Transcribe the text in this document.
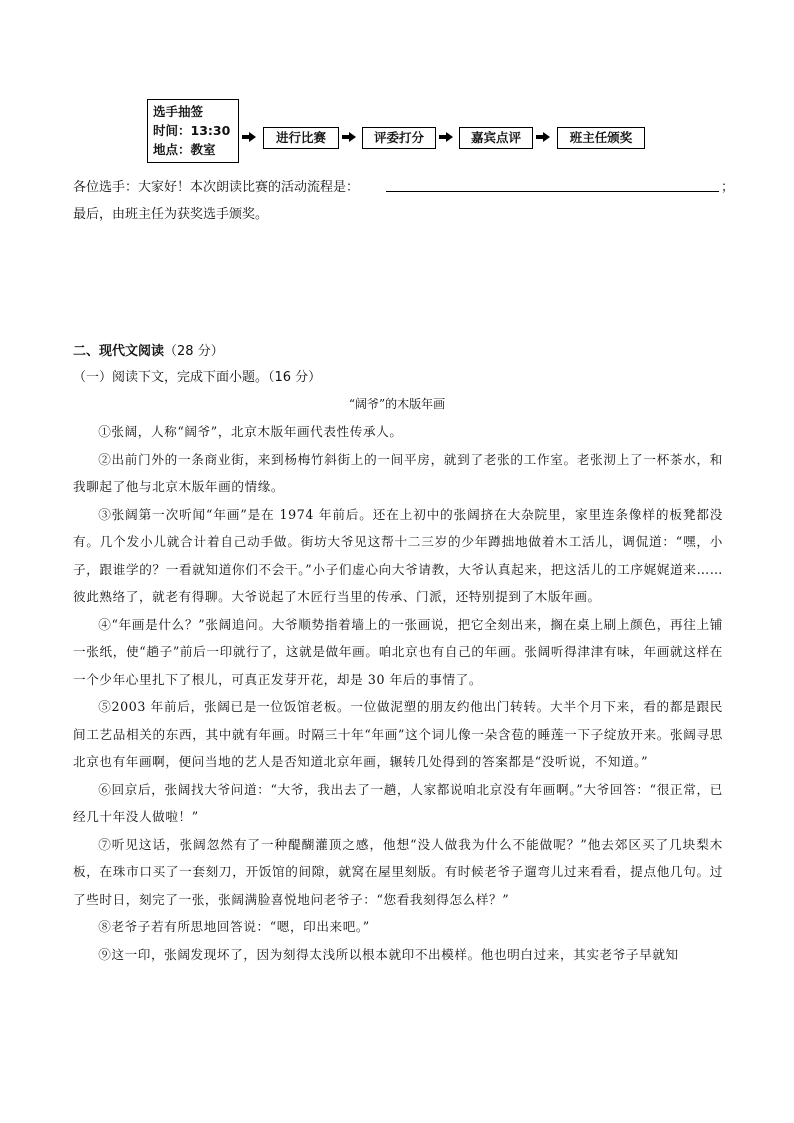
选手抽签
时间：13:30
地点：教室
进行比赛	评委打分	嘉宾点评	班主任颁奖
各位选手：大家好！本次朗读比赛的活动流程是：	；
最后，由班主任为获奖选手颁奖。
二、现代文阅读（28 分）
（一）阅读下文，完成下面小题。（16 分）
“阔爷”的木版年画

①张阔，人称“阔爷”，北京木版年画代表性传承人。

②出前门外的一条商业街，来到杨梅竹斜街上的一间平房，就到了老张的工作室。老张沏上了一杯茶水，和我聊起了他与北京木版年画的情缘。

③张阔第一次听闻“年画”是在 1974 年前后。还在上初中的张阔挤在大杂院里，家里连条像样的板凳都没有。几个发小儿就合计着自己动手做。街坊大爷见这帮十二三岁的少年蹲拙地做着木工活儿，调侃道：“嘿，小子，跟谁学的？一看就知道你们不会干。”小子们虚心向大爷请教，大爷认真起来，把这活儿的工序娓娓道来……彼此熟络了，就老有得聊。大爷说起了木匠行当里的传承、门派，还特别提到了木版年画。

④“年画是什么？”张阔追问。大爷顺势指着墙上的一张画说，把它全刻出来，搁在桌上刷上颜色，再往上铺一张纸，使“趟子”前后一印就行了，这就是做年画。咱北京也有自己的年画。张阔听得津津有味，年画就这样在一个少年心里扎下了根儿，可真正发芽开花，却是 30 年后的事情了。

⑤2003 年前后，张阔已是一位饭馆老板。一位做泥塑的朋友约他出门转转。大半个月下来，看的都是跟民间工艺品相关的东西，其中就有年画。时隔三十年“年画”这个词儿像一朵含苞的睡莲一下子绽放开来。张阔寻思北京也有年画啊，便问当地的艺人是否知道北京年画，辗转几处得到的答案都是“没听说，不知道。”

⑥回京后，张阔找大爷问道：“大爷，我出去了一趟，人家都说咱北京没有年画啊。”大爷回答：“很正常，已经几十年没人做啦！”

⑦听见这话，张阔忽然有了一种醍醐灌顶之感，他想“没人做我为什么不能做呢？”他去郊区买了几块梨木板，在珠市口买了一套刻刀，开饭馆的间隙，就窝在屋里刻版。有时候老爷子遛弯儿过来看看，提点他几句。过了些时日，刻完了一张，张阔满脸喜悦地问老爷子：“您看我刻得怎么样？”

⑧老爷子若有所思地回答说：“嗯，印出来吧。”

⑨这一印，张阔发现坏了，因为刻得太浅所以根本就印不出模样。他也明白过来，其实老爷子早就知
